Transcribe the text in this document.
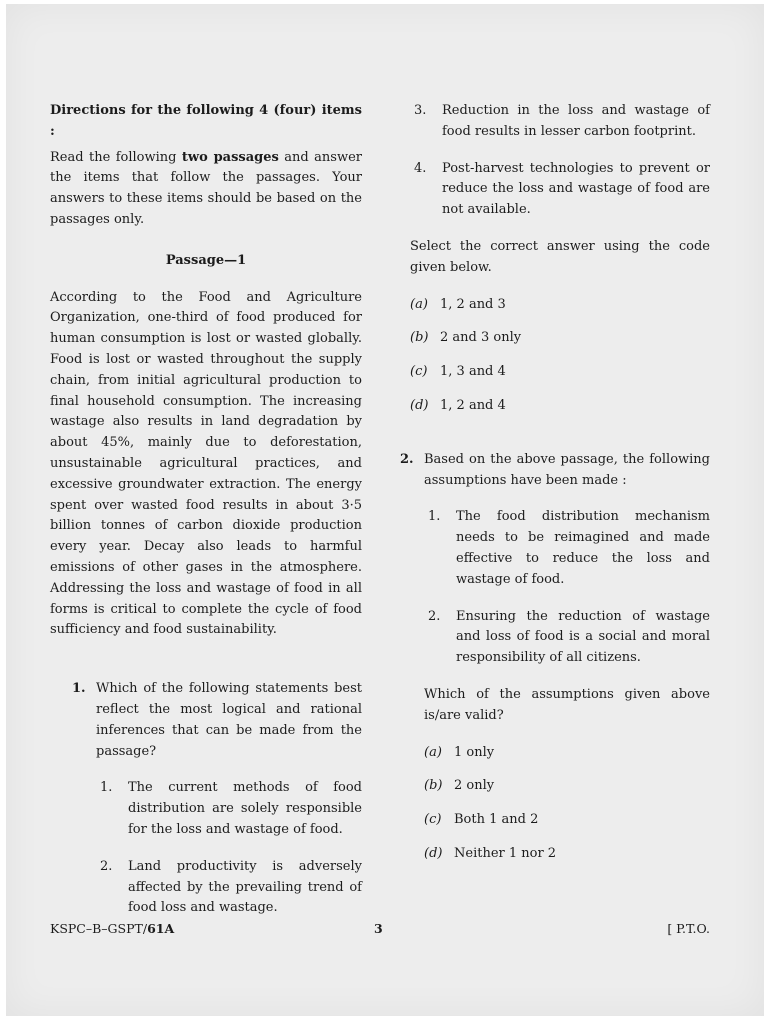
Directions for the following 4 (four) items :

Read the following two passages and answer the items that follow the passages. Your answers to these items should be based on the passages only.

Passage—1

According to the Food and Agriculture Organization, one-third of food produced for human consumption is lost or wasted globally. Food is lost or wasted throughout the supply chain, from initial agricultural production to final household consumption. The increasing wastage also results in land degradation by about 45%, mainly due to deforestation, unsustainable agricultural practices, and excessive groundwater extraction. The energy spent over wasted food results in about 3·5 billion tonnes of carbon dioxide production every year. Decay also leads to harmful emissions of other gases in the atmosphere. Addressing the loss and wastage of food in all forms is critical to complete the cycle of food sufficiency and food sustainability.

1. Which of the following statements best reflect the most logical and rational inferences that can be made from the passage?

1.	The current methods of food distribution are solely responsible for the loss and wastage of food.
2.	Land productivity is adversely affected by the prevailing trend of food loss and wastage.
3.	Reduction in the loss and wastage of food results in lesser carbon footprint.
4.	Post-harvest technologies to prevent or reduce the loss and wastage of food are not available.

Select the correct answer using the code given below.

(a) 1, 2 and 3
(b) 2 and 3 only
(c) 1, 3 and 4
(d) 1, 2 and 4
2. Based on the above passage, the following assumptions have been made :

1.	The food distribution mechanism needs to be reimagined and made effective to reduce the loss and wastage of food.
2.	Ensuring the reduction of wastage and loss of food is a social and moral responsibility of all citizens.

Which of the assumptions given above is/are valid?

(a) 1 only
(b) 2 only
(c) Both 1 and 2
(d) Neither 1 nor 2
KSPC–B–GSPT/61A	3	[ P.T.O.
